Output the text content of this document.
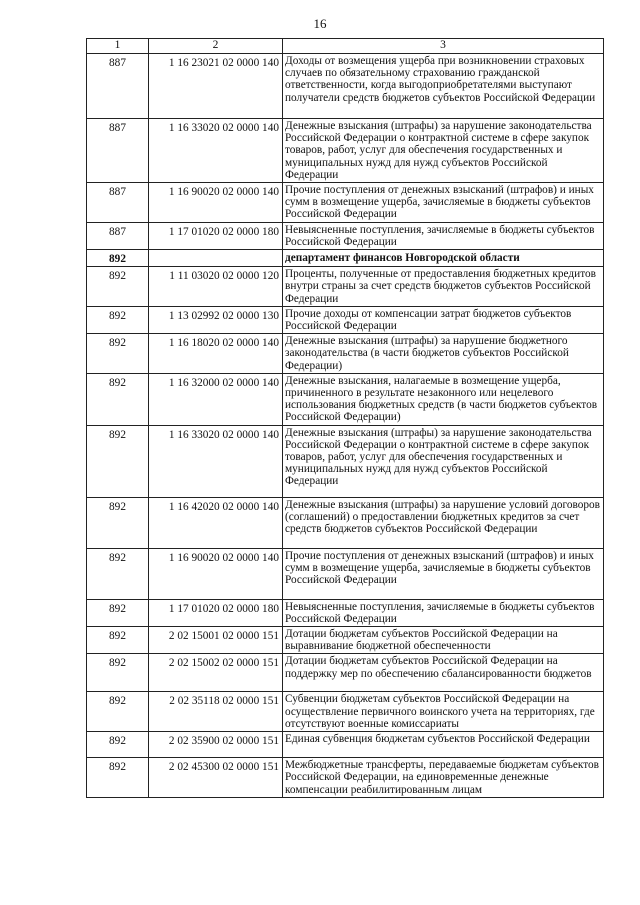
16
1	2	3
887	1 16 23021 02 0000 140	Доходы от возмещения ущерба при возникновении страховых случаев по обязательному страхованию гражданской ответственности, когда выгодоприобретателями выступают получатели средств бюджетов субъектов Российской Федерации
887	1 16 33020 02 0000 140	Денежные взыскания (штрафы) за нарушение законодательства Российской Федерации о контрактной системе в сфере закупок товаров, работ, услуг для обеспечения государственных и муниципальных нужд для нужд субъектов Российской Федерации
887	1 16 90020 02 0000 140	Прочие поступления от денежных взысканий (штрафов) и иных сумм в возмещение ущерба, зачисляемые в бюджеты субъектов Российской Федерации
887	1 17 01020 02 0000 180	Невыясненные поступления, зачисляемые в бюджеты субъектов Российской Федерации
892		департамент финансов Новгородской области
892	1 11 03020 02 0000 120	Проценты, полученные от предоставления бюджетных кредитов внутри страны за счет средств бюджетов субъектов Российской Федерации
892	1 13 02992 02 0000 130	Прочие доходы от компенсации затрат бюджетов субъектов Российской Федерации
892	1 16 18020 02 0000 140	Денежные взыскания (штрафы) за нарушение бюджетного законодательства (в части бюджетов субъектов Российской Федерации)
892	1 16 32000 02 0000 140	Денежные взыскания, налагаемые в возмещение ущерба, причиненного в результате незаконного или нецелевого использования бюджетных средств (в части бюджетов субъектов Российской Федерации)
892	1 16 33020 02 0000 140	Денежные взыскания (штрафы) за нарушение законодательства Российской Федерации о контрактной системе в сфере закупок товаров, работ, услуг для обеспечения государственных и муниципальных нужд для нужд субъектов Российской Федерации
892	1 16 42020 02 0000 140	Денежные взыскания (штрафы) за нарушение условий договоров (соглашений) о предоставлении бюджетных кредитов за счет средств бюджетов субъектов Российской Федерации
892	1 16 90020 02 0000 140	Прочие поступления от денежных взысканий (штрафов) и иных сумм в возмещение ущерба, зачисляемые в бюджеты субъектов Российской Федерации
892	1 17 01020 02 0000 180	Невыясненные поступления, зачисляемые в бюджеты субъектов Российской Федерации
892	2 02 15001 02 0000 151	Дотации бюджетам субъектов Российской Федерации на выравнивание бюджетной обеспеченности
892	2 02 15002 02 0000 151	Дотации бюджетам субъектов Российской Федерации на поддержку мер по обеспечению сбалансированности бюджетов
892	2 02 35118 02 0000 151	Субвенции бюджетам субъектов Российской Федерации на осуществление первичного воинского учета на территориях, где отсутствуют военные комиссариаты
892	2 02 35900 02 0000 151	Единая субвенция бюджетам субъектов Российской Федерации
892	2 02 45300 02 0000 151	Межбюджетные трансферты, передаваемые бюджетам субъектов Российской Федерации, на единовременные денежные компенсации реабилитированным лицам
